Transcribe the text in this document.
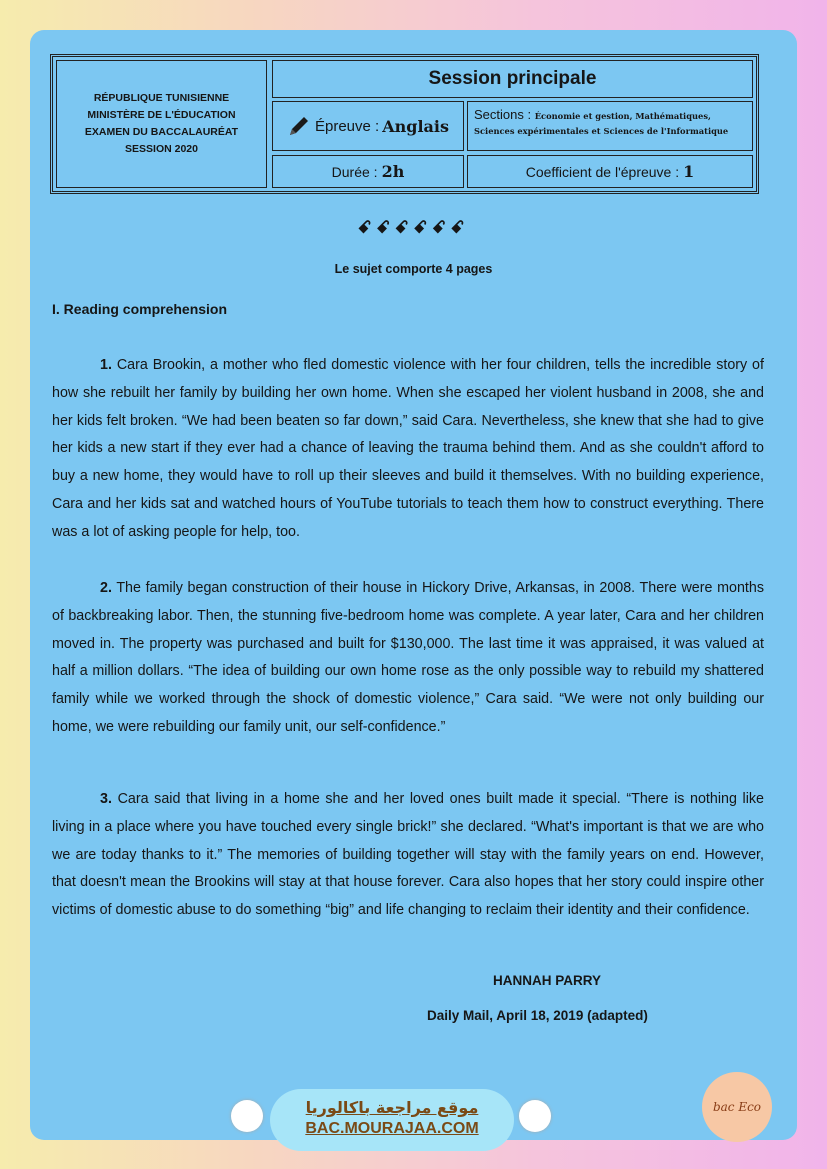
RÉPUBLIQUE TUNISIENNE
MINISTÈRE DE L'ÉDUCATION
EXAMEN DU BACCALAURÉAT
SESSION 2020
Session principale
Épreuve : Anglais
Sections : Économie et gestion, Mathématiques, Sciences expérimentales et Sciences de l'Informatique
Durée : 2h	Coefficient de l'épreuve : 1
ꗃꗃꗃꗃꗃꗃ
Le sujet comporte 4 pages
I. Reading comprehension

1. Cara Brookin, a mother who fled domestic violence with her four children, tells the incredible story of how she rebuilt her family by building her own home. When she escaped her violent husband in 2008, she and her kids felt broken. “We had been beaten so far down,” said Cara. Nevertheless, she knew that she had to give her kids a new start if they ever had a chance of leaving the trauma behind them. And as she couldn't afford to buy a new home, they would have to roll up their sleeves and build it themselves. With no building experience, Cara and her kids sat and watched hours of YouTube tutorials to teach them how to construct everything. There was a lot of asking people for help, too.

2. The family began construction of their house in Hickory Drive, Arkansas, in 2008. There were months of backbreaking labor. Then, the stunning five-bedroom home was complete. A year later, Cara and her children moved in. The property was purchased and built for $130,000. The last time it was appraised, it was valued at half a million dollars. “The idea of building our own home rose as the only possible way to rebuild my shattered family while we worked through the shock of domestic violence,” Cara said. “We were not only building our home, we were rebuilding our family unit, our self-confidence.”

3. Cara said that living in a home she and her loved ones built made it special. “There is nothing like living in a place where you have touched every single brick!” she declared. “What's important is that we are who we are today thanks to it.” The memories of building together will stay with the family years on end. However, that doesn't mean the Brookins will stay at that house forever. Cara also hopes that her story could inspire other victims of domestic abuse to do something “big” and life changing to reclaim their identity and their confidence.

HANNAH PARRY
Daily Mail, April 18, 2019 (adapted)
موقع مراجعة باكالوريا
BAC.MOURAJAA.COM
bac Eco
